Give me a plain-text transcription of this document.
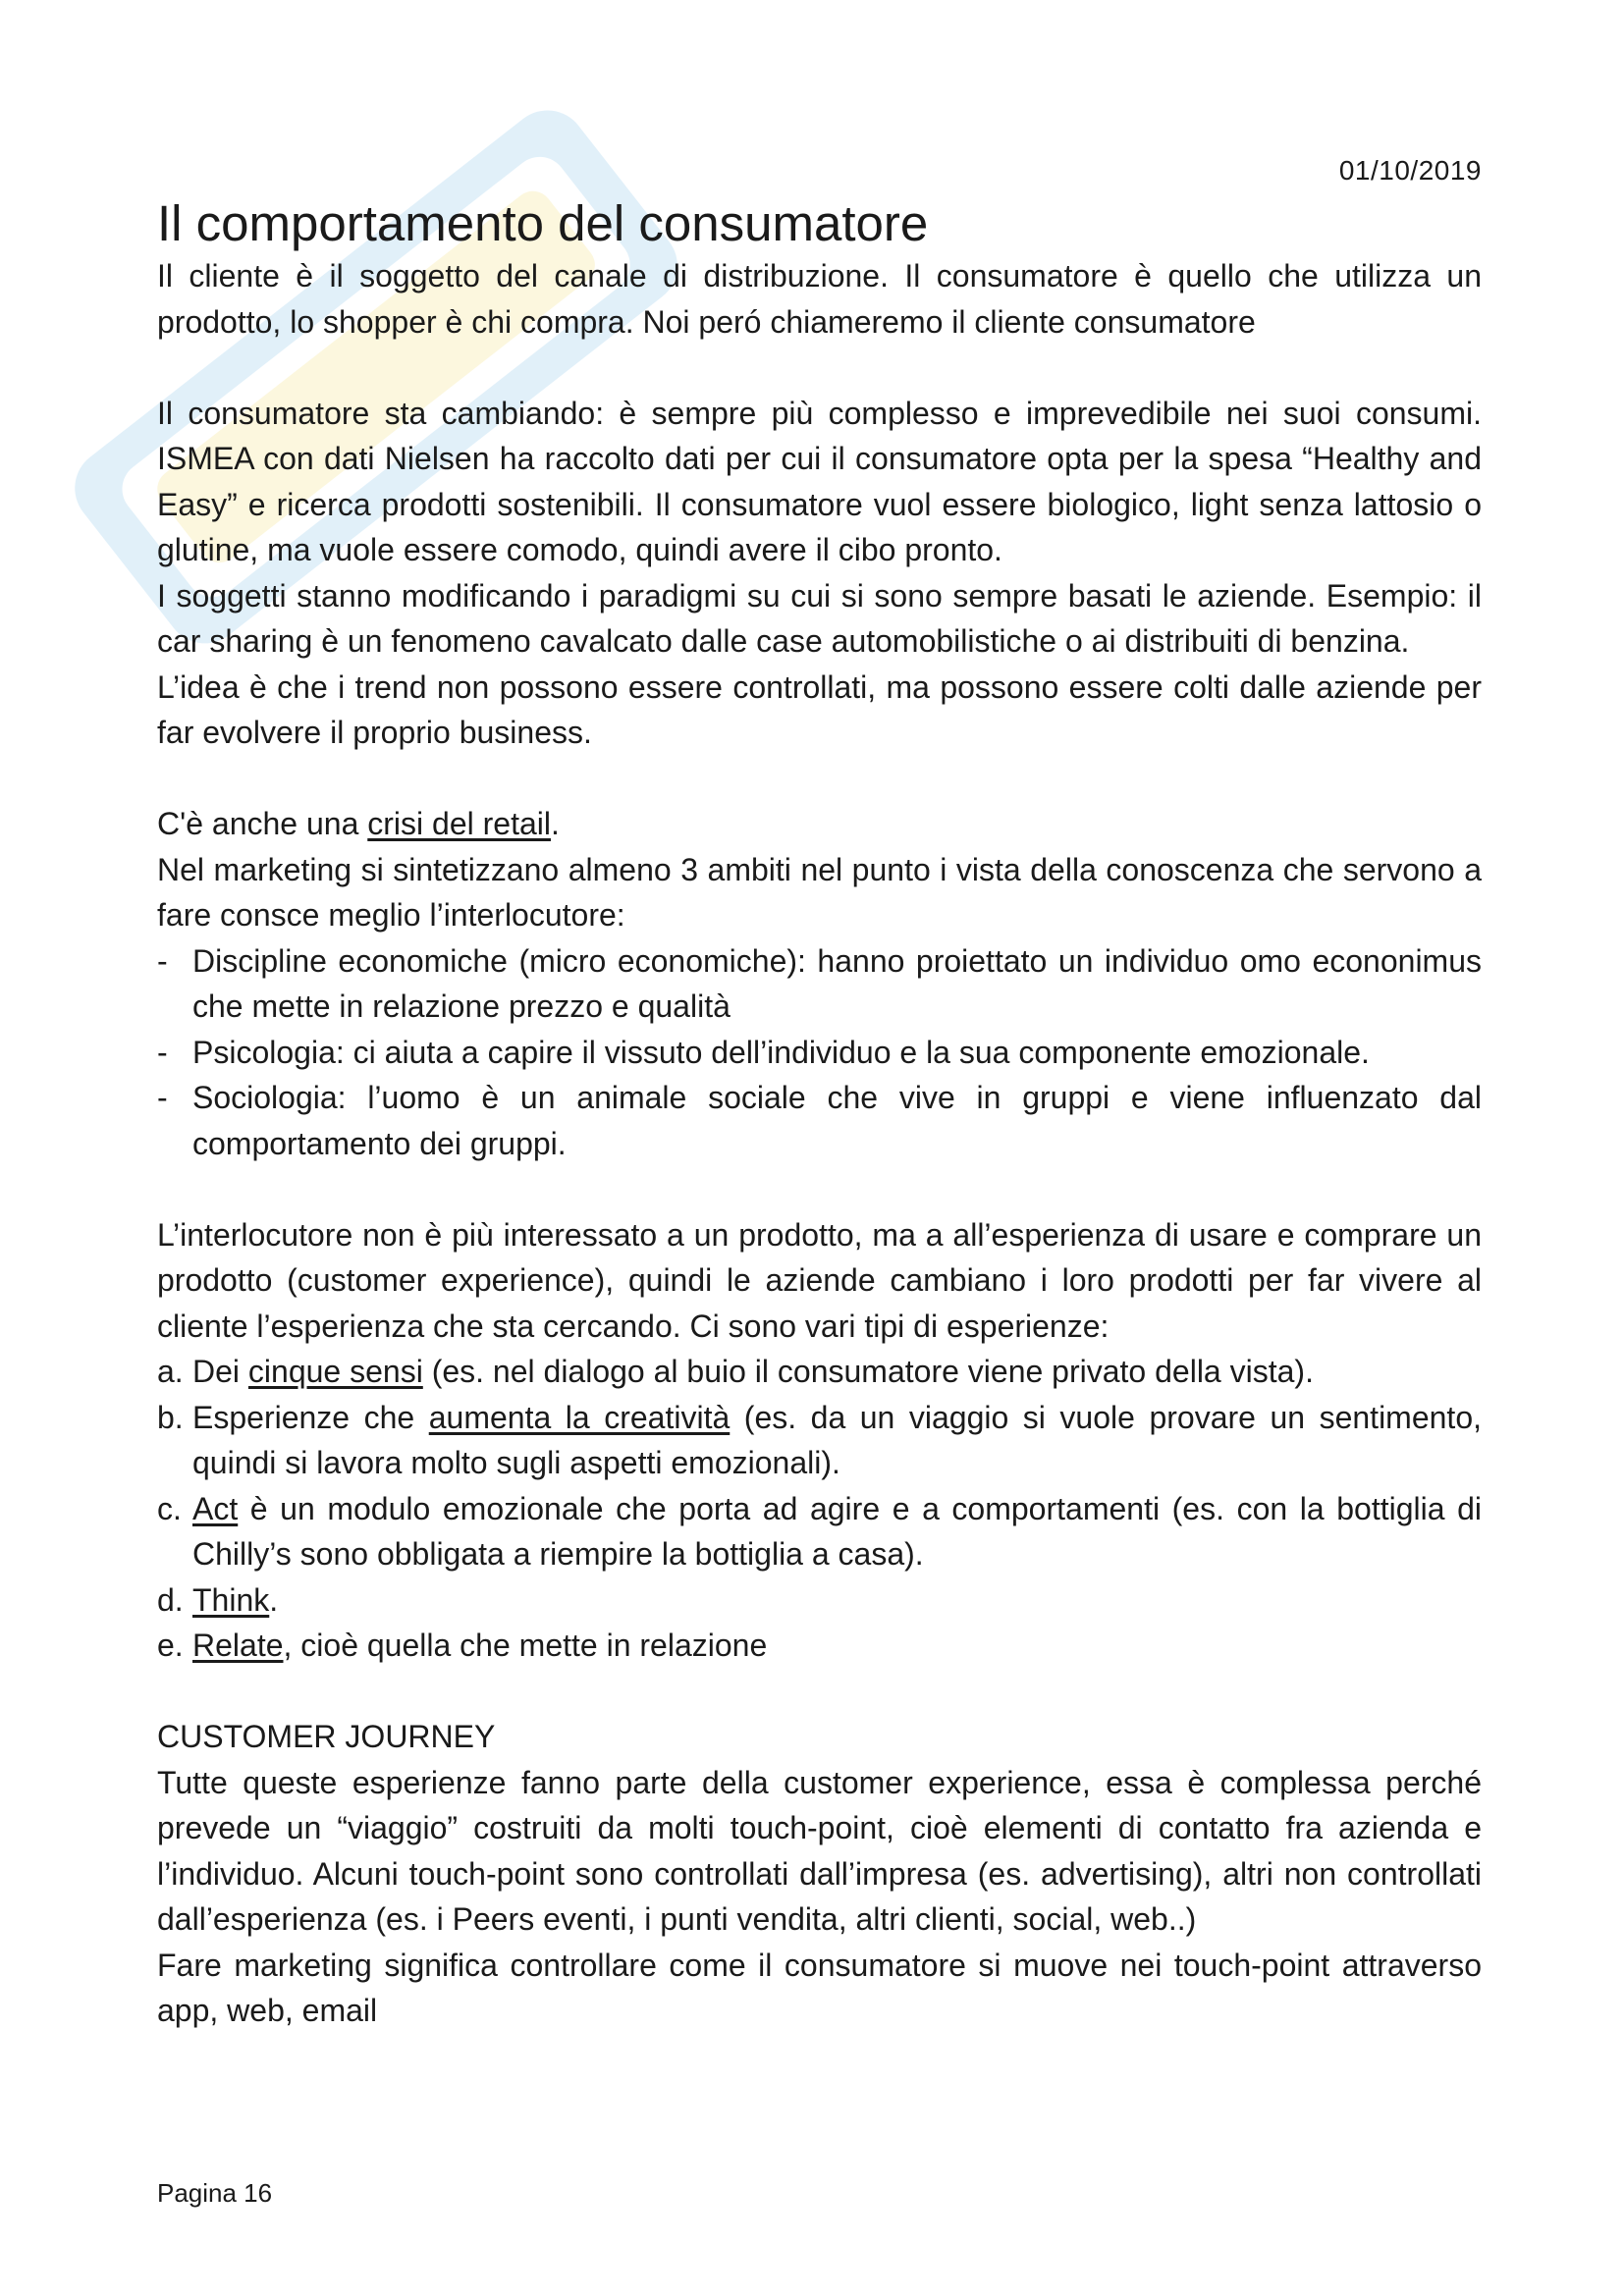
01/10/2019
Il comportamento del consumatore

Il cliente è il soggetto del canale di distribuzione. Il consumatore è quello che utilizza un prodotto, lo shopper è chi compra. Noi peró chiameremo il cliente consumatore

Il consumatore sta cambiando: è sempre più complesso e imprevedibile nei suoi consumi. ISMEA con dati Nielsen ha raccolto dati per cui il consumatore opta per la spesa “Healthy and Easy” e ricerca prodotti sostenibili. Il consumatore vuol essere biologico, light senza lattosio o glutine, ma vuole essere comodo, quindi avere il cibo pronto.

I soggetti stanno modificando i paradigmi su cui si sono sempre basati le aziende. Esempio: il car sharing è un fenomeno cavalcato dalle case automobilistiche o ai distribuiti di benzina.

L’idea è che i trend non possono essere controllati, ma possono essere colti dalle aziende per far evolvere il proprio business.

C'è anche una crisi del retail.

Nel marketing si sintetizzano almeno 3 ambiti nel punto i vista della conoscenza che servono a fare consce meglio l’interlocutore:

- Discipline economiche (micro economiche): hanno proiettato un individuo omo econonimus che mette in relazione prezzo e qualità
- Psicologia: ci aiuta a capire il vissuto dell’individuo e la sua componente emozionale.
- Sociologia: l’uomo è un animale sociale che vive in gruppi e viene influenzato dal comportamento dei gruppi.

L’interlocutore non è più interessato a un prodotto, ma a all’esperienza di usare e comprare un prodotto (customer experience), quindi le aziende cambiano i loro prodotti per far vivere al cliente l’esperienza che sta cercando. Ci sono vari tipi di esperienze:

a. Dei cinque sensi (es. nel dialogo al buio il consumatore viene privato della vista).
b. Esperienze che aumenta la creatività (es. da un viaggio si vuole provare un sentimento, quindi si lavora molto sugli aspetti emozionali).
c. Act è un modulo emozionale che porta ad agire e a comportamenti (es. con la bottiglia di Chilly’s sono obbligata a riempire la bottiglia a casa).
d. Think.
e. Relate, cioè quella che mette in relazione

CUSTOMER JOURNEY

Tutte queste esperienze fanno parte della customer experience, essa è complessa perché prevede un “viaggio” costruiti da molti touch-point, cioè elementi di contatto fra azienda e l’individuo. Alcuni touch-point sono controllati dall’impresa (es. advertising), altri non controllati dall’esperienza (es. i Peers eventi, i punti vendita, altri clienti, social, web..)

Fare marketing significa controllare come il consumatore si muove nei touch-point attraverso app, web, email

Pagina 16
